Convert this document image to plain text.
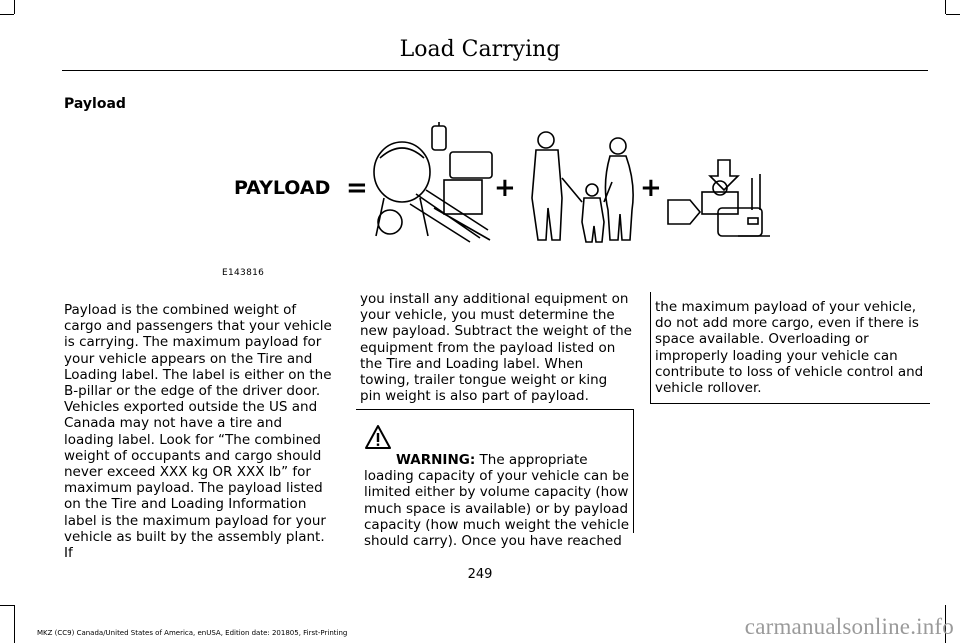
Load Carrying
Payload
PAYLOAD =	+	+
E143816

Payload is the combined weight of cargo and passengers that your vehicle is carrying. The maximum payload for your vehicle appears on the Tire and Loading label. The label is either on the B-pillar or the edge of the driver door. Vehicles exported outside the US and Canada may not have a tire and loading label. Look for “The combined weight of occupants and cargo should never exceed XXX kg OR XXX lb” for maximum payload. The payload listed on the Tire and Loading Information label is the maximum payload for your vehicle as built by the assembly plant. If

you install any additional equipment on your vehicle, you must determine the new payload. Subtract the weight of the equipment from the payload listed on the Tire and Loading label. When towing, trailer tongue weight or king pin weight is also part of payload.

WARNING: The appropriate loading capacity of your vehicle can be limited either by volume capacity (how much space is available) or by payload capacity (how much weight the vehicle should carry). Once you have reached

the maximum payload of your vehicle, do not add more cargo, even if there is space available. Overloading or improperly loading your vehicle can contribute to loss of vehicle control and vehicle rollover.

249
MKZ (CC9) Canada/United States of America, enUSA, Edition date: 201805, First-Printing	carmanualsonline.info
